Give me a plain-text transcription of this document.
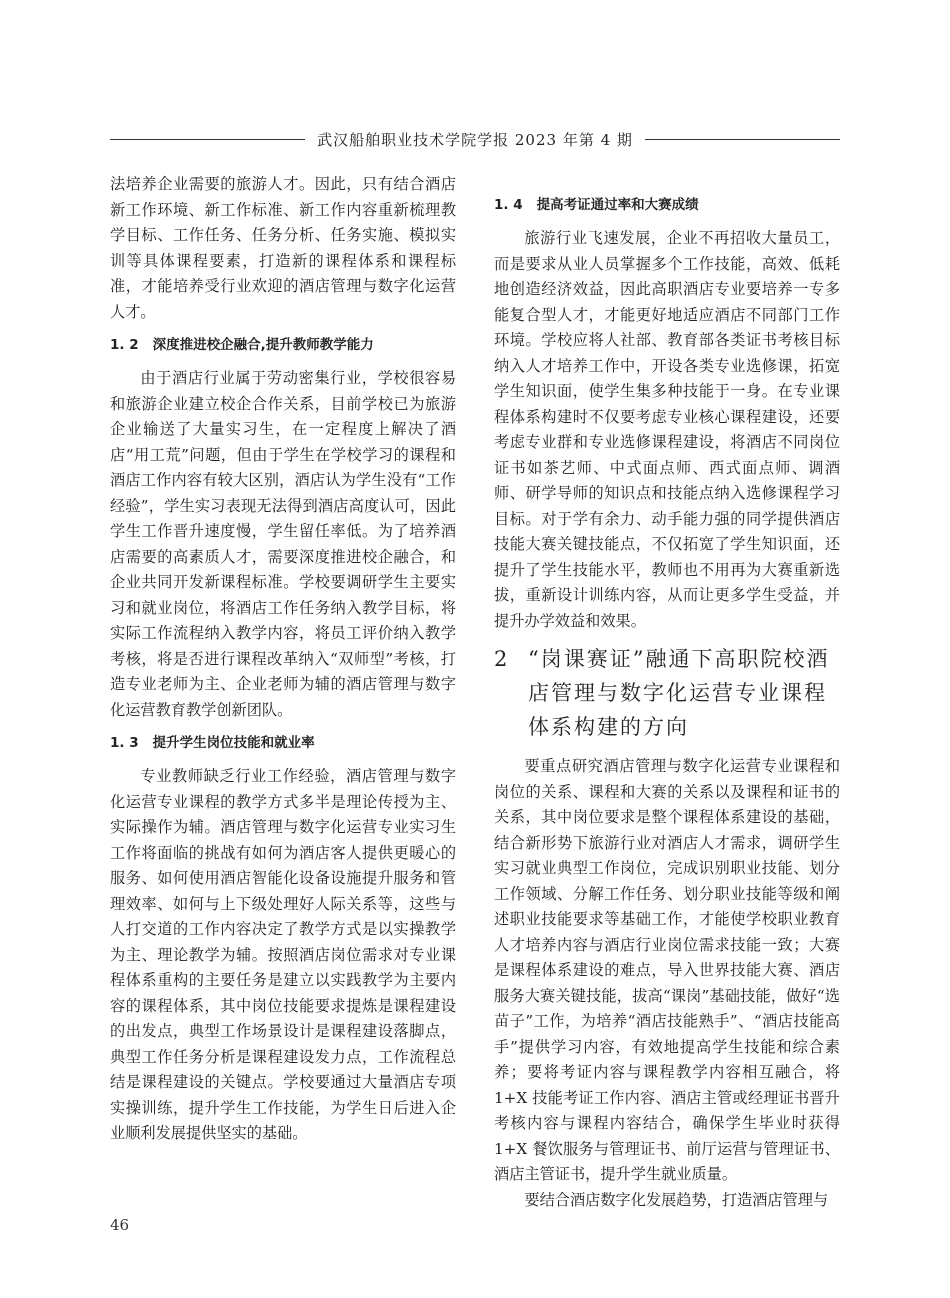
武汉船舶职业技术学院学报 2023 年第 4 期

法培养企业需要的旅游人才。因此，只有结合酒店新工作环境、新工作标准、新工作内容重新梳理教学目标、工作任务、任务分析、任务实施、模拟实训等具体课程要素，打造新的课程体系和课程标准，才能培养受行业欢迎的酒店管理与数字化运营人才。

1. 2 深度推进校企融合,提升教师教学能力

由于酒店行业属于劳动密集行业，学校很容易和旅游企业建立校企合作关系，目前学校已为旅游企业输送了大量实习生，在一定程度上解决了酒店“用工荒”问题，但由于学生在学校学习的课程和酒店工作内容有较大区别，酒店认为学生没有“工作经验”，学生实习表现无法得到酒店高度认可，因此学生工作晋升速度慢，学生留任率低。为了培养酒店需要的高素质人才，需要深度推进校企融合，和企业共同开发新课程标准。学校要调研学生主要实习和就业岗位，将酒店工作任务纳入教学目标，将实际工作流程纳入教学内容，将员工评价纳入教学考核，将是否进行课程改革纳入“双师型”考核，打造专业老师为主、企业老师为辅的酒店管理与数字化运营教育教学创新团队。

1. 3 提升学生岗位技能和就业率

专业教师缺乏行业工作经验，酒店管理与数字化运营专业课程的教学方式多半是理论传授为主、实际操作为辅。酒店管理与数字化运营专业实习生工作将面临的挑战有如何为酒店客人提供更暖心的服务、如何使用酒店智能化设备设施提升服务和管理效率、如何与上下级处理好人际关系等，这些与人打交道的工作内容决定了教学方式是以实操教学为主、理论教学为辅。按照酒店岗位需求对专业课程体系重构的主要任务是建立以实践教学为主要内容的课程体系，其中岗位技能要求提炼是课程建设的出发点，典型工作场景设计是课程建设落脚点，典型工作任务分析是课程建设发力点，工作流程总结是课程建设的关键点。学校要通过大量酒店专项实操训练，提升学生工作技能，为学生日后进入企业顺利发展提供坚实的基础。

1. 4 提高考证通过率和大赛成绩

旅游行业飞速发展，企业不再招收大量员工，而是要求从业人员掌握多个工作技能，高效、低耗地创造经济效益，因此高职酒店专业要培养一专多能复合型人才，才能更好地适应酒店不同部门工作环境。学校应将人社部、教育部各类证书考核目标纳入人才培养工作中，开设各类专业选修课，拓宽学生知识面，使学生集多种技能于一身。在专业课程体系构建时不仅要考虑专业核心课程建设，还要考虑专业群和专业选修课程建设，将酒店不同岗位证书如茶艺师、中式面点师、西式面点师、调酒师、研学导师的知识点和技能点纳入选修课程学习目标。对于学有余力、动手能力强的同学提供酒店技能大赛关键技能点，不仅拓宽了学生知识面，还提升了学生技能水平，教师也不用再为大赛重新选拔，重新设计训练内容，从而让更多学生受益，并提升办学效益和效果。

2 “岗课赛证”融通下高职院校酒店管理与数字化运营专业课程体系构建的方向

要重点研究酒店管理与数字化运营专业课程和岗位的关系、课程和大赛的关系以及课程和证书的关系，其中岗位要求是整个课程体系建设的基础，结合新形势下旅游行业对酒店人才需求，调研学生实习就业典型工作岗位，完成识别职业技能、划分工作领域、分解工作任务、划分职业技能等级和阐述职业技能要求等基础工作，才能使学校职业教育人才培养内容与酒店行业岗位需求技能一致；大赛是课程体系建设的难点，导入世界技能大赛、酒店服务大赛关键技能，拔高“课岗”基础技能，做好“选苗子”工作，为培养“酒店技能熟手”、“酒店技能高手”提供学习内容，有效地提高学生技能和综合素养；要将考证内容与课程教学内容相互融合，将 1+X 技能考证工作内容、酒店主管或经理证书晋升考核内容与课程内容结合，确保学生毕业时获得 1+X 餐饮服务与管理证书、前厅运营与管理证书、酒店主管证书，提升学生就业质量。

要结合酒店数字化发展趋势，打造酒店管理与

46
